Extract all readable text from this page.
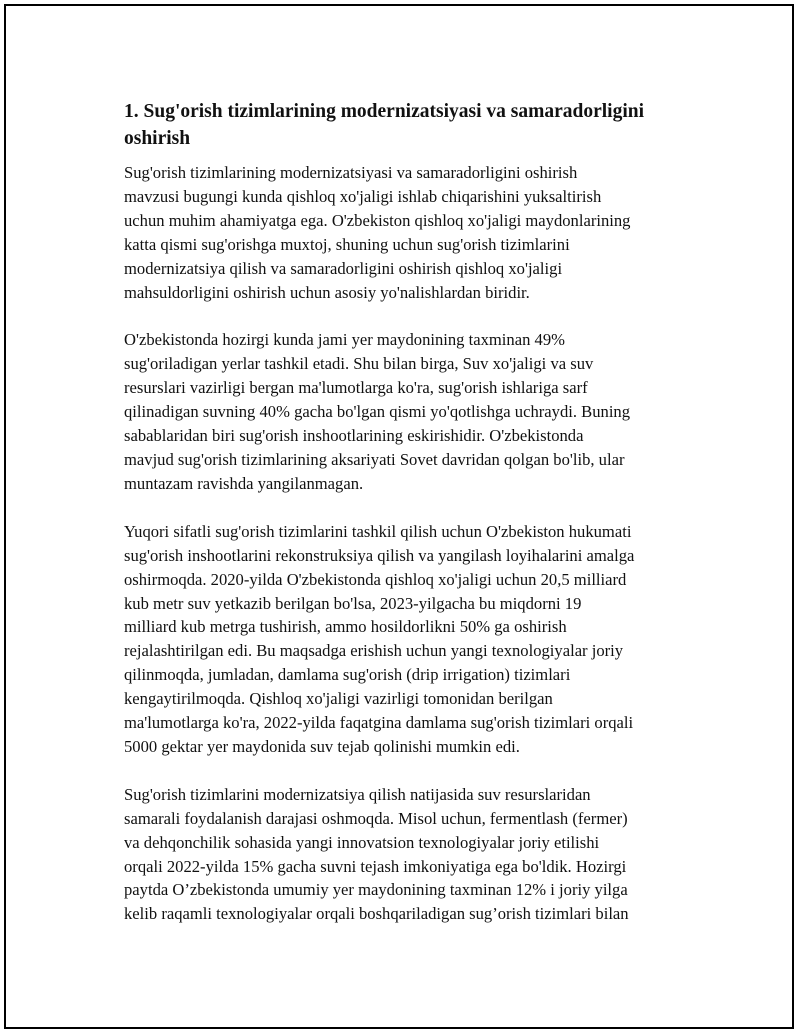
1. Sug'orish tizimlarining modernizatsiyasi va samaradorligini
oshirish

Sug'orish tizimlarining modernizatsiyasi va samaradorligini oshirish
mavzusi bugungi kunda qishloq xo'jaligi ishlab chiqarishini yuksaltirish
uchun muhim ahamiyatga ega. O'zbekiston qishloq xo'jaligi maydonlarining
katta qismi sug'orishga muxtoj, shuning uchun sug'orish tizimlarini
modernizatsiya qilish va samaradorligini oshirish qishloq xo'jaligi
mahsuldorligini oshirish uchun asosiy yo'nalishlardan biridir.

O'zbekistonda hozirgi kunda jami yer maydonining taxminan 49%
sug'oriladigan yerlar tashkil etadi. Shu bilan birga, Suv xo'jaligi va suv
resurslari vazirligi bergan ma'lumotlarga ko'ra, sug'orish ishlariga sarf
qilinadigan suvning 40% gacha bo'lgan qismi yo'qotlishga uchraydi. Buning
sabablaridan biri sug'orish inshootlarining eskirishidir. O'zbekistonda
mavjud sug'orish tizimlarining aksariyati Sovet davridan qolgan bo'lib, ular
muntazam ravishda yangilanmagan.

Yuqori sifatli sug'orish tizimlarini tashkil qilish uchun O'zbekiston hukumati
sug'orish inshootlarini rekonstruksiya qilish va yangilash loyihalarini amalga
oshirmoqda. 2020-yilda O'zbekistonda qishloq xo'jaligi uchun 20,5 milliard
kub metr suv yetkazib berilgan bo'lsa, 2023-yilgacha bu miqdorni 19
milliard kub metrga tushirish, ammo hosildorlikni 50% ga oshirish
rejalashtirilgan edi. Bu maqsadga erishish uchun yangi texnologiyalar joriy
qilinmoqda, jumladan, damlama sug'orish (drip irrigation) tizimlari
kengaytirilmoqda. Qishloq xo'jaligi vazirligi tomonidan berilgan
ma'lumotlarga ko'ra, 2022-yilda faqatgina damlama sug'orish tizimlari orqali
5000 gektar yer maydonida suv tejab qolinishi mumkin edi.

Sug'orish tizimlarini modernizatsiya qilish natijasida suv resurslaridan
samarali foydalanish darajasi oshmoqda. Misol uchun, fermentlash (fermer)
va dehqonchilik sohasida yangi innovatsion texnologiyalar joriy etilishi
orqali 2022-yilda 15% gacha suvni tejash imkoniyatiga ega bo'ldik. Hozirgi
paytda O’zbekistonda umumiy yer maydonining taxminan 12% i joriy yilga
kelib raqamli texnologiyalar orqali boshqariladigan sug’orish tizimlari bilan
